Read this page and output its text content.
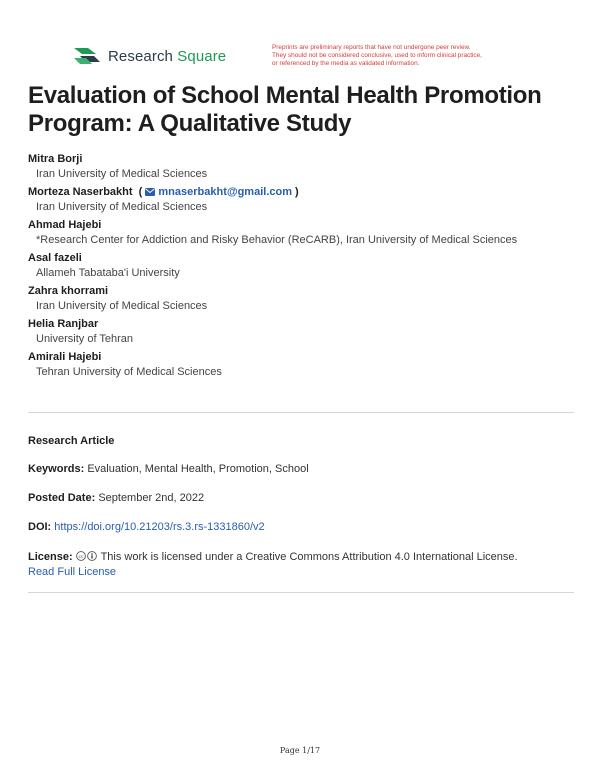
Research Square	Preprints are preliminary reports that have not undergone peer review.
They should not be considered conclusive, used to inform clinical practice,
or referenced by the media as validated information.
Evaluation of School Mental Health Promotion Program: A Qualitative Study
Mitra Borji
Iran University of Medical Sciences
Morteza Naserbakht  ( mnaserbakht@gmail.com )
Iran University of Medical Sciences
Ahmad Hajebi
*Research Center for Addiction and Risky Behavior (ReCARB), Iran University of Medical Sciences
Asal fazeli
Allameh Tabataba'i University
Zahra khorrami
Iran University of Medical Sciences
Helia Ranjbar
University of Tehran
Amirali Hajebi
Tehran University of Medical Sciences
Research Article
Keywords: Evaluation, Mental Health, Promotion, School
Posted Date: September 2nd, 2022
DOI: https://doi.org/10.21203/rs.3.rs-1331860/v2
License: cc This work is licensed under a Creative Commons Attribution 4.0 International License.
Read Full License
Page 1/17
